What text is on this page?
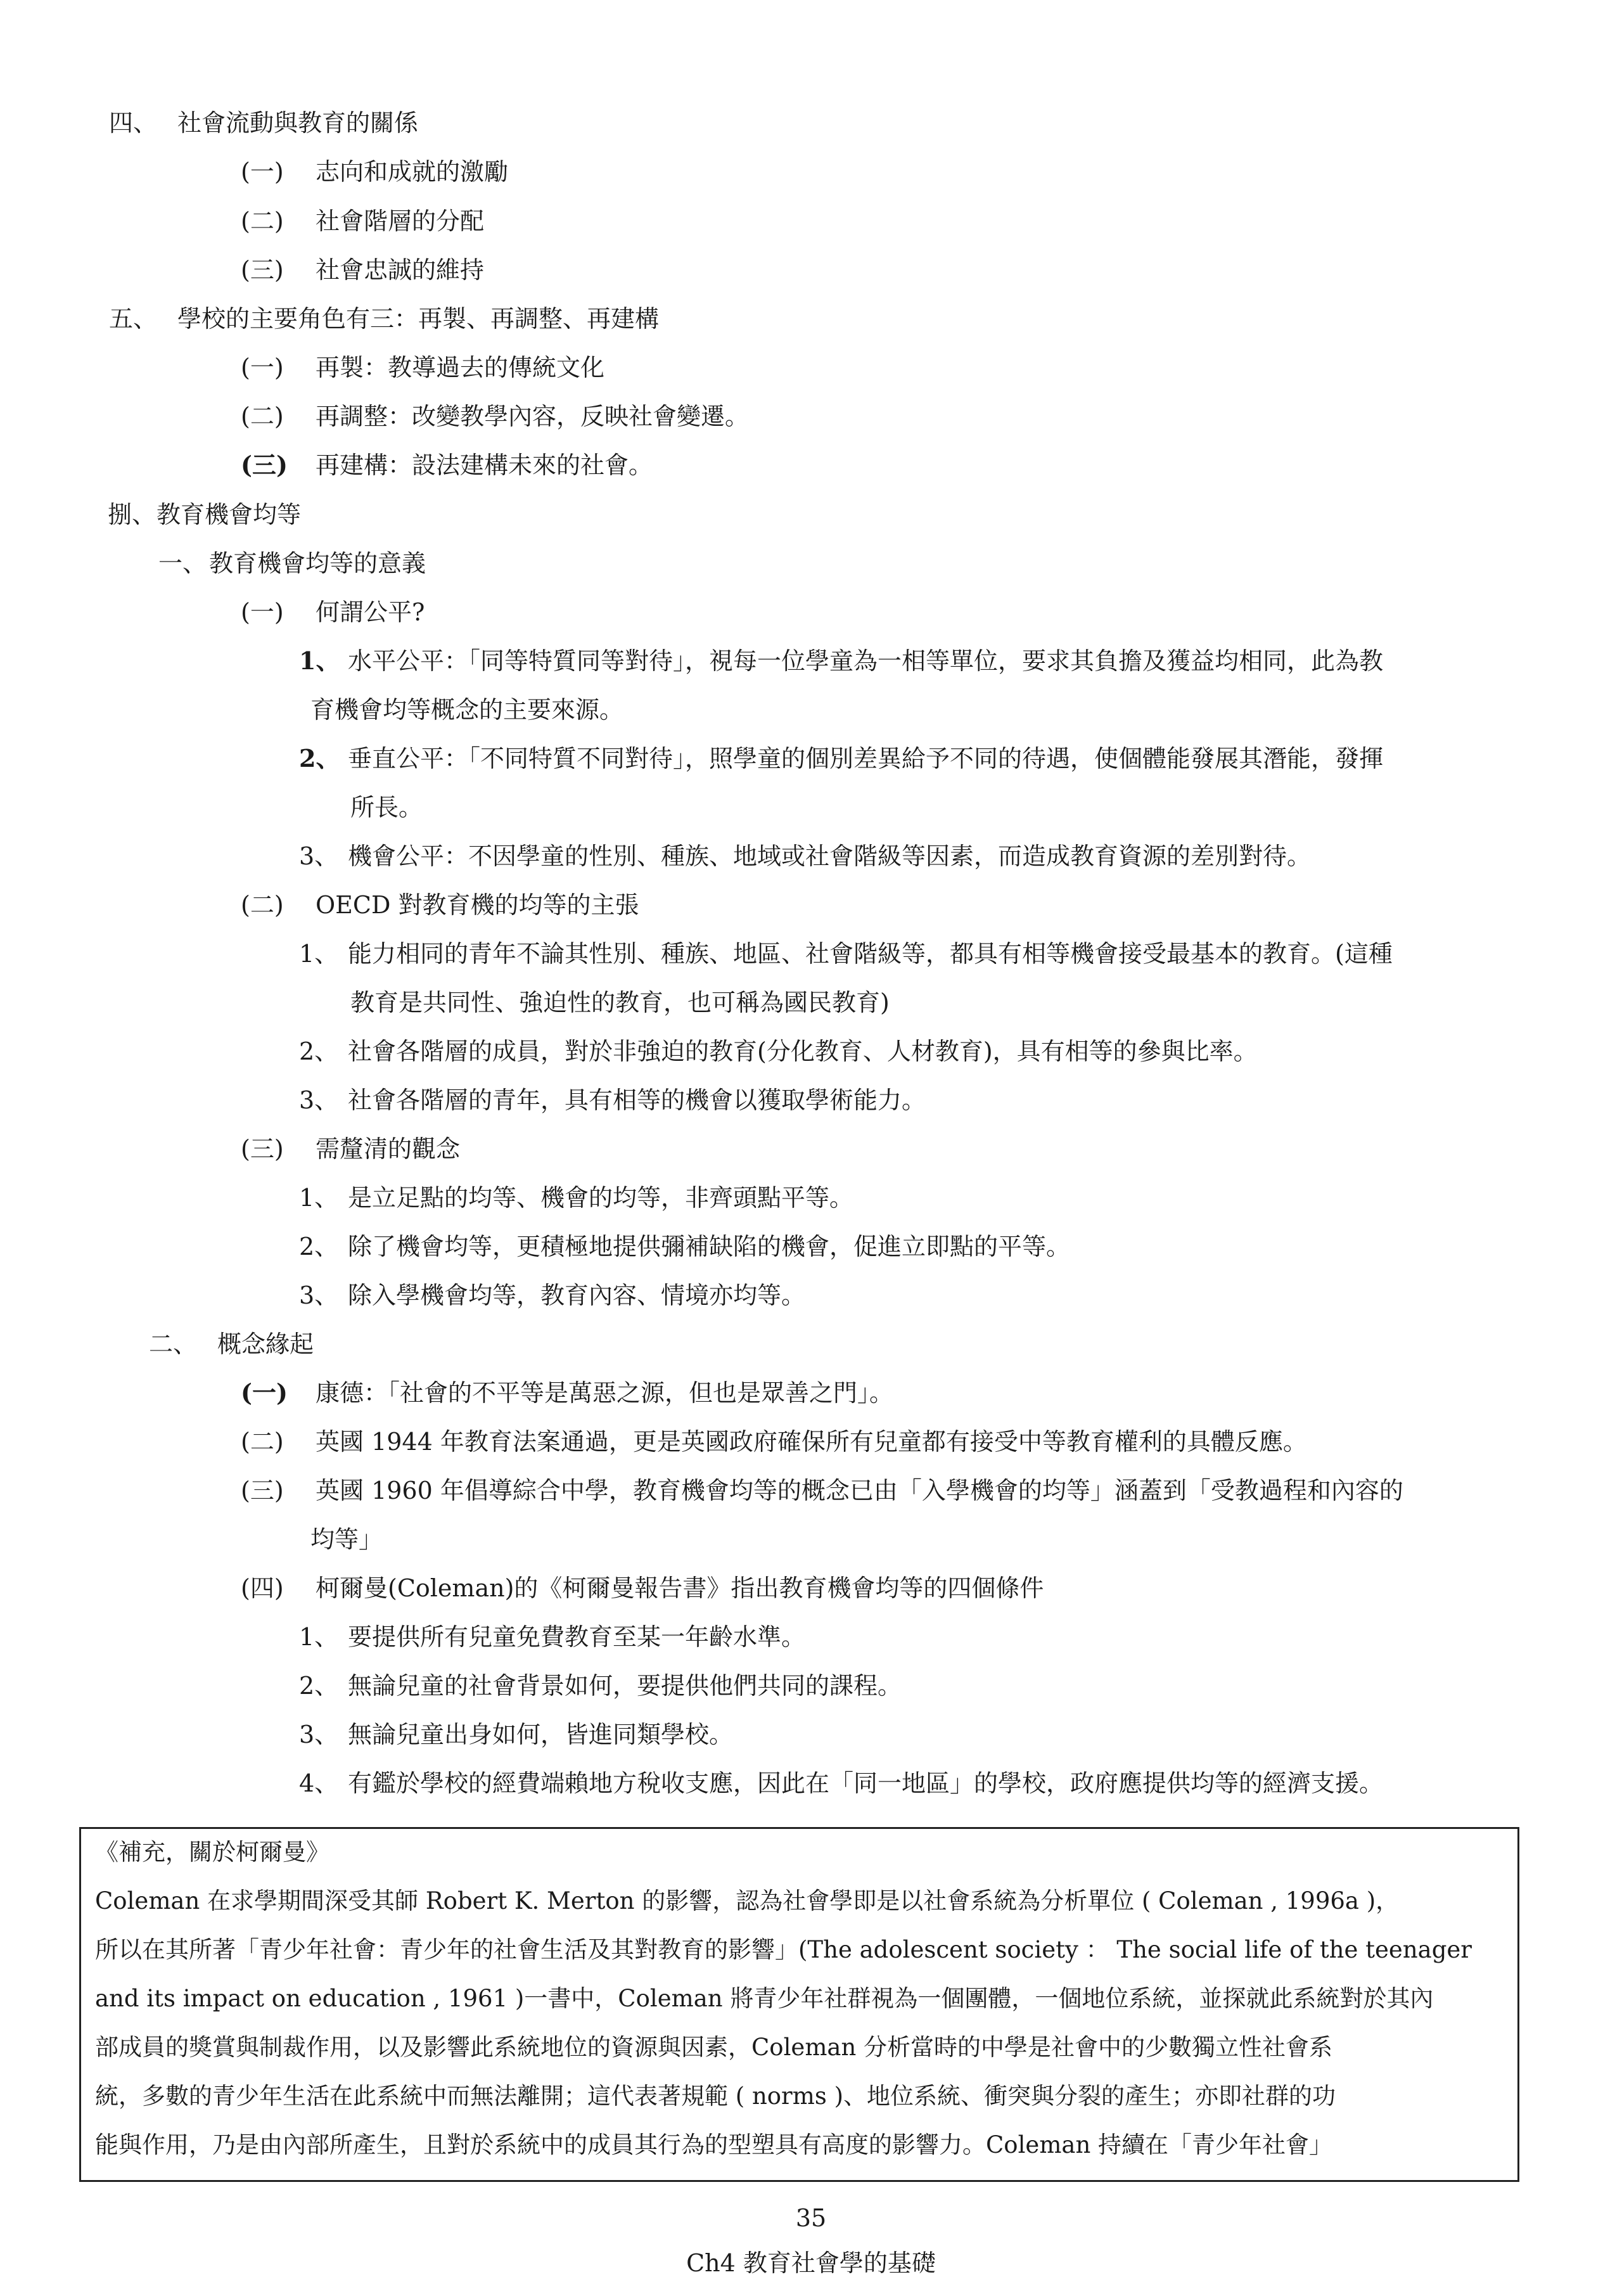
四、 社會流動與教育的關係
(一) 志向和成就的激勵
(二) 社會階層的分配
(三) 社會忠誠的維持
五、 學校的主要角色有三：再製、再調整、再建構
(一) 再製：教導過去的傳統文化
(二) 再調整：改變教學內容，反映社會變遷。
(三) 再建構：設法建構未來的社會。
捌、教育機會均等
一、 教育機會均等的意義
(一) 何謂公平?
1、 水平公平：「同等特質同等對待」，視每一位學童為一相等單位，要求其負擔及獲益均相同，此為教
育機會均等概念的主要來源。
2、 垂直公平：「不同特質不同對待」，照學童的個別差異給予不同的待遇，使個體能發展其潛能，發揮
所長。
3、 機會公平：不因學童的性別、種族、地域或社會階級等因素，而造成教育資源的差別對待。
(二) OECD 對教育機的均等的主張
1、 能力相同的青年不論其性別、種族、地區、社會階級等，都具有相等機會接受最基本的教育。(這種
教育是共同性、強迫性的教育，也可稱為國民教育)
2、 社會各階層的成員，對於非強迫的教育(分化教育、人材教育)，具有相等的參與比率。
3、 社會各階層的青年，具有相等的機會以獲取學術能力。
(三) 需釐清的觀念
1、 是立足點的均等、機會的均等，非齊頭點平等。
2、 除了機會均等，更積極地提供彌補缺陷的機會，促進立即點的平等。
3、 除入學機會均等，教育內容、情境亦均等。
二、 概念緣起
(一) 康德：「社會的不平等是萬惡之源，但也是眾善之門」。
(二) 英國 1944 年教育法案通過，更是英國政府確保所有兒童都有接受中等教育權利的具體反應。
(三) 英國 1960 年倡導綜合中學，教育機會均等的概念已由「入學機會的均等」涵蓋到「受教過程和內容的
均等」
(四) 柯爾曼(Coleman)的《柯爾曼報告書》指出教育機會均等的四個條件
1、 要提供所有兒童免費教育至某一年齡水準。
2、 無論兒童的社會背景如何，要提供他們共同的課程。
3、 無論兒童出身如何，皆進同類學校。
4、 有鑑於學校的經費端賴地方稅收支應，因此在「同一地區」的學校，政府應提供均等的經濟支援。
《補充，關於柯爾曼》
Coleman 在求學期間深受其師 Robert K. Merton 的影響，認為社會學即是以社會系統為分析單位 ( Coleman , 1996a )，
所以在其所著「青少年社會：青少年的社會生活及其對教育的影響」(The adolescent society ： The social life of the teenager
and its impact on education , 1961 )一書中，Coleman 將青少年社群視為一個團體，一個地位系統，並探就此系統對於其內
部成員的獎賞與制裁作用，以及影響此系統地位的資源與因素，Coleman 分析當時的中學是社會中的少數獨立性社會系
統，多數的青少年生活在此系統中而無法離開；這代表著規範 ( norms )、地位系統、衝突與分裂的產生；亦即社群的功
能與作用，乃是由內部所產生，且對於系統中的成員其行為的型塑具有高度的影響力。Coleman 持續在「青少年社會」
35
Ch4 教育社會學的基礎
